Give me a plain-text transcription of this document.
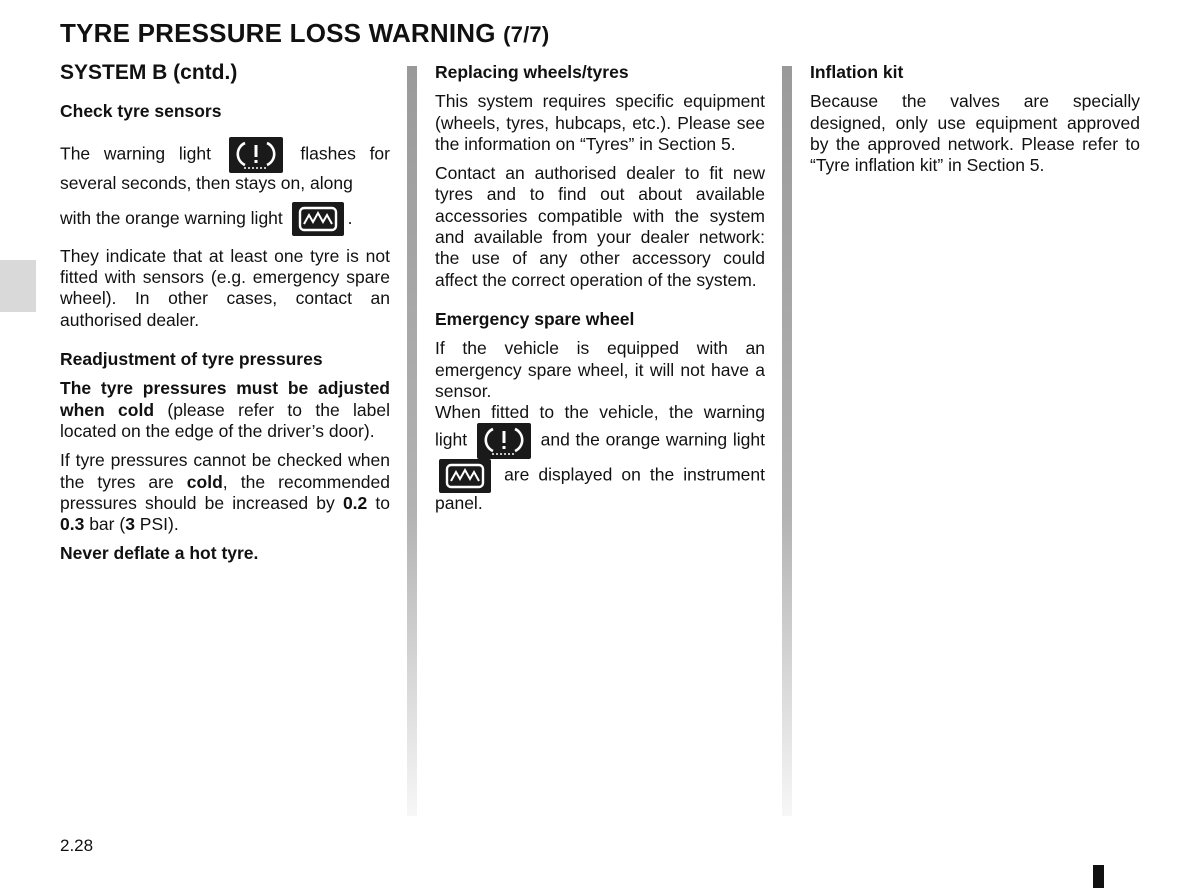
TYRE PRESSURE LOSS WARNING (7/7)
SYSTEM B (cntd.)
Check tyre sensors

The warning light	flashes for several seconds, then stays on, along

with the orange warning light	.

They indicate that at least one tyre is not fitted with sensors (e.g. emergency spare wheel). In other cases, contact an authorised dealer.

Readjustment of tyre pressures

The tyre pressures must be adjusted when cold (please refer to the label located on the edge of the driver’s door).

If tyre pressures cannot be checked when the tyres are cold, the recommended pressures should be increased by 0.2 to 0.3 bar (3 PSI).

Never deflate a hot tyre.

Replacing wheels/tyres

This system requires specific equipment (wheels, tyres, hubcaps, etc.). Please see the information on “Tyres” in Section 5.

Contact an authorised dealer to fit new tyres and to find out about available accessories compatible with the system and available from your dealer network: the use of any other accessory could affect the correct operation of the system.

Emergency spare wheel

If the vehicle is equipped with an emergency spare wheel, it will not have a sensor.

When fitted to the vehicle, the warning light	and the orange warning light
are displayed on the instrument panel.

Inflation kit

Because the valves are specially designed, only use equipment approved by the approved network. Please refer to “Tyre inflation kit” in Section 5.

2.28
